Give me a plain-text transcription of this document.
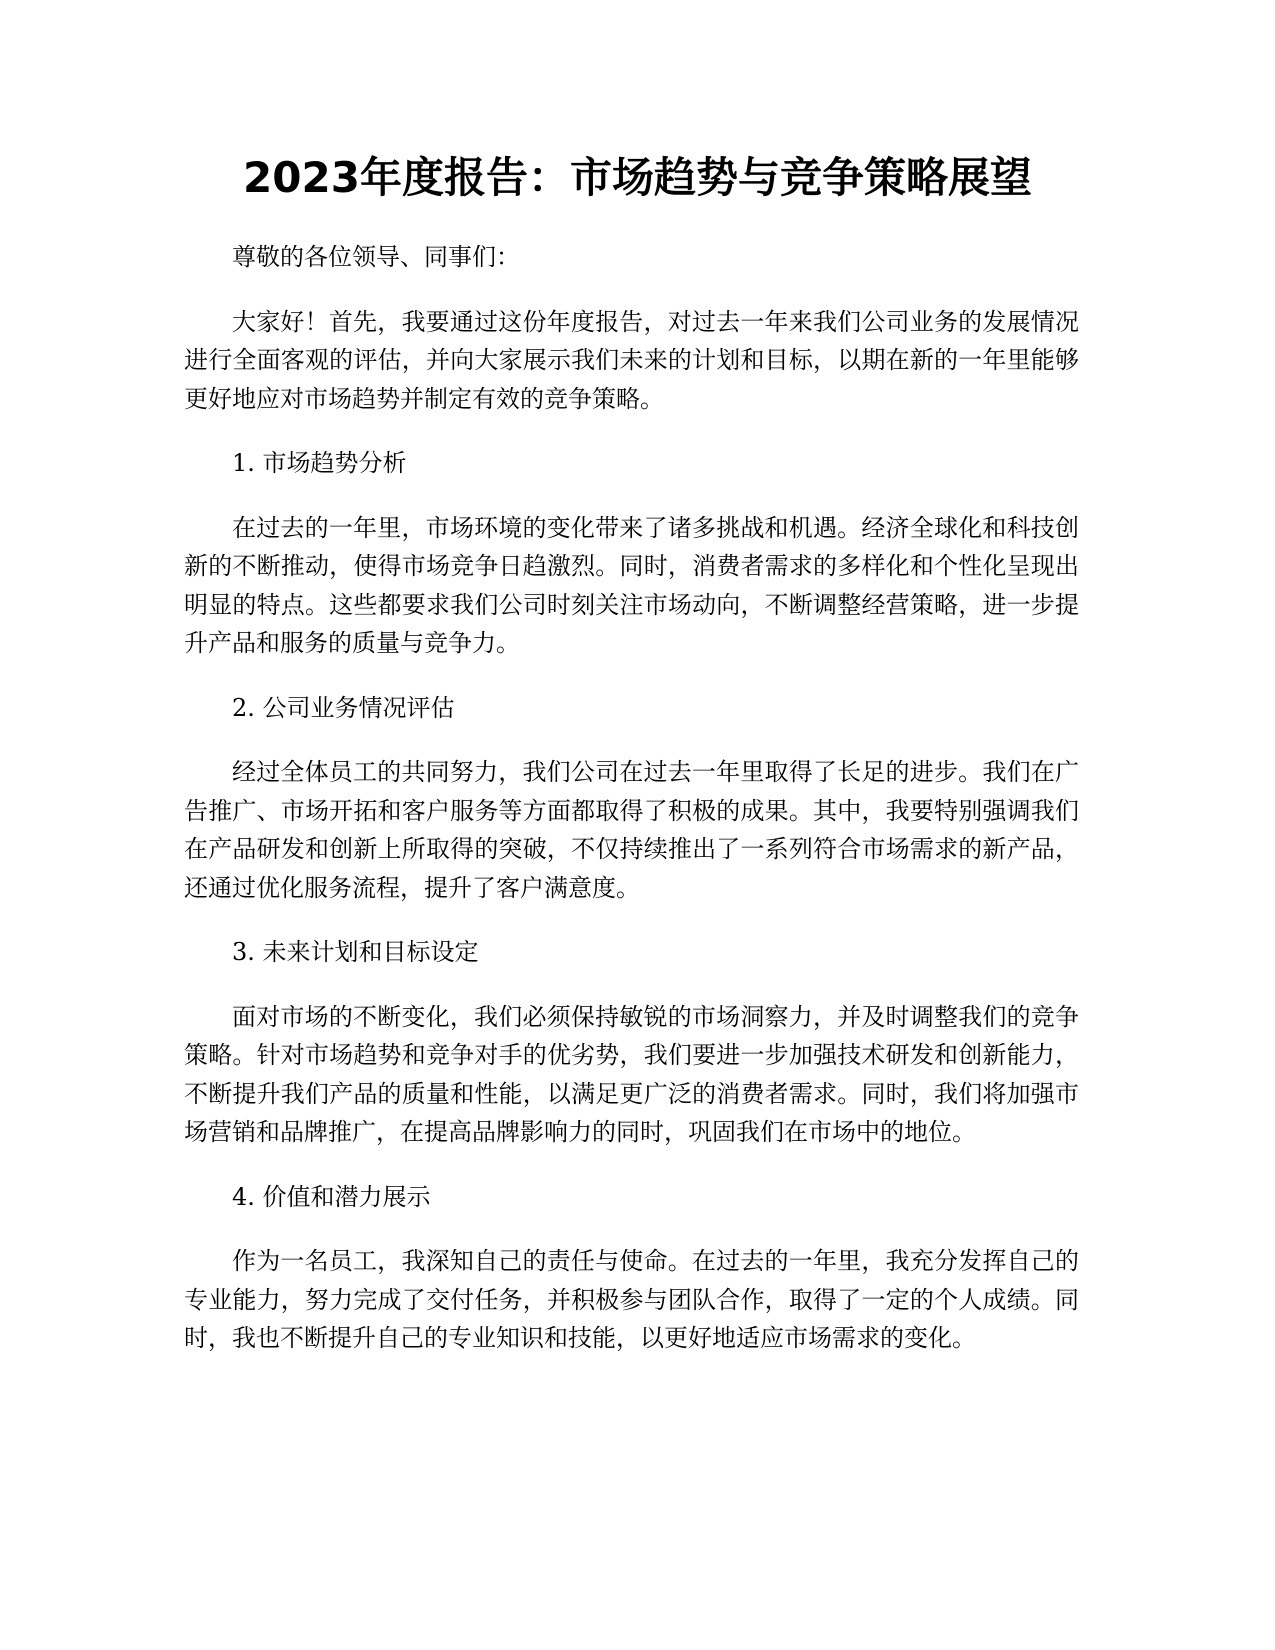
2023年度报告：市场趋势与竞争策略展望

尊敬的各位领导、同事们：

大家好！首先，我要通过这份年度报告，对过去一年来我们公司业务的发展情况进行全面客观的评估，并向大家展示我们未来的计划和目标，以期在新的一年里能够更好地应对市场趋势并制定有效的竞争策略。

1. 市场趋势分析

在过去的一年里，市场环境的变化带来了诸多挑战和机遇。经济全球化和科技创新的不断推动，使得市场竞争日趋激烈。同时，消费者需求的多样化和个性化呈现出明显的特点。这些都要求我们公司时刻关注市场动向，不断调整经营策略，进一步提升产品和服务的质量与竞争力。

2. 公司业务情况评估

经过全体员工的共同努力，我们公司在过去一年里取得了长足的进步。我们在广告推广、市场开拓和客户服务等方面都取得了积极的成果。其中，我要特别强调我们在产品研发和创新上所取得的突破，不仅持续推出了一系列符合市场需求的新产品，还通过优化服务流程，提升了客户满意度。

3. 未来计划和目标设定

面对市场的不断变化，我们必须保持敏锐的市场洞察力，并及时调整我们的竞争策略。针对市场趋势和竞争对手的优劣势，我们要进一步加强技术研发和创新能力，不断提升我们产品的质量和性能，以满足更广泛的消费者需求。同时，我们将加强市场营销和品牌推广，在提高品牌影响力的同时，巩固我们在市场中的地位。

4. 价值和潜力展示

作为一名员工，我深知自己的责任与使命。在过去的一年里，我充分发挥自己的专业能力，努力完成了交付任务，并积极参与团队合作，取得了一定的个人成绩。同时，我也不断提升自己的专业知识和技能，以更好地适应市场需求的变化。
